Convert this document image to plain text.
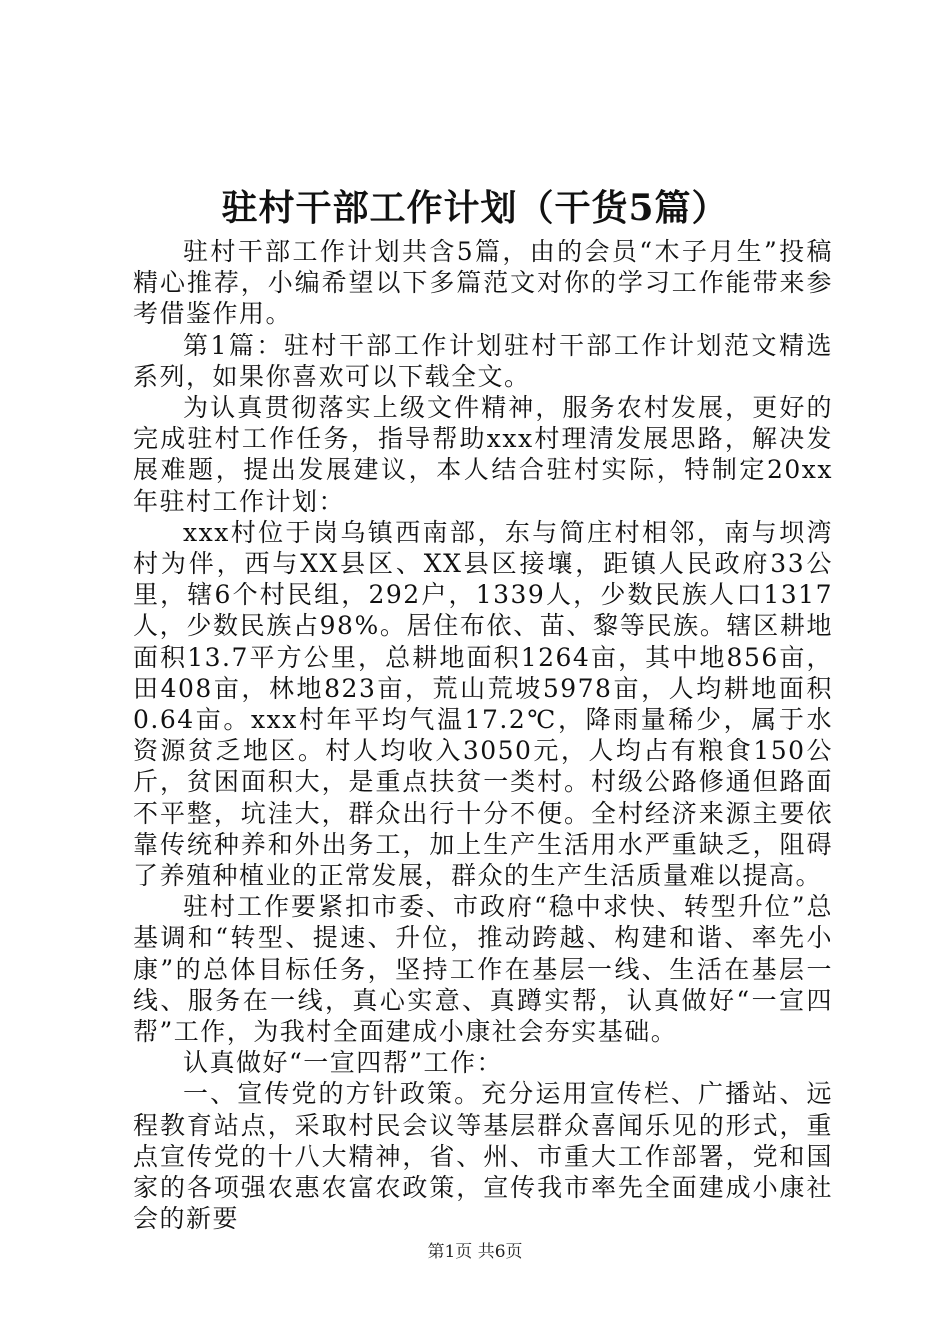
驻村干部工作计划（干货5篇）

驻村干部工作计划共含5篇，由的会员“木子月生”投稿精心推荐，小编希望以下多篇范文对你的学习工作能带来参考借鉴作用。

第1篇：驻村干部工作计划驻村干部工作计划范文精选系列，如果你喜欢可以下载全文。

为认真贯彻落实上级文件精神，服务农村发展，更好的完成驻村工作任务，指导帮助xxx村理清发展思路，解决发展难题，提出发展建议，本人结合驻村实际，特制定20xx年驻村工作计划：

xxx村位于岗乌镇西南部，东与简庄村相邻，南与坝湾村为伴，西与XX县区、XX县区接壤，距镇人民政府33公里，辖6个村民组，292户，1339人，少数民族人口1317人，少数民族占98%。居住布依、苗、黎等民族。辖区耕地面积13.7平方公里，总耕地面积1264亩，其中地856亩，田408亩，林地823亩，荒山荒坡5978亩，人均耕地面积0.64亩。xxx村年平均气温17.2℃，降雨量稀少，属于水资源贫乏地区。村人均收入3050元，人均占有粮食150公斤，贫困面积大，是重点扶贫一类村。村级公路修通但路面不平整，坑洼大，群众出行十分不便。全村经济来源主要依靠传统种养和外出务工，加上生产生活用水严重缺乏，阻碍了养殖种植业的正常发展，群众的生产生活质量难以提高。

驻村工作要紧扣市委、市政府“稳中求快、转型升位”总基调和“转型、提速、升位，推动跨越、构建和谐、率先小康”的总体目标任务，坚持工作在基层一线、生活在基层一线、服务在一线，真心实意、真蹲实帮，认真做好“一宣四帮”工作，为我村全面建成小康社会夯实基础。

认真做好“一宣四帮”工作：

一、宣传党的方针政策。充分运用宣传栏、广播站、远程教育站点，采取村民会议等基层群众喜闻乐见的形式，重点宣传党的十八大精神，省、州、市重大工作部署，党和国家的各项强农惠农富农政策，宣传我市率先全面建成小康社会的新要

第1页 共6页
